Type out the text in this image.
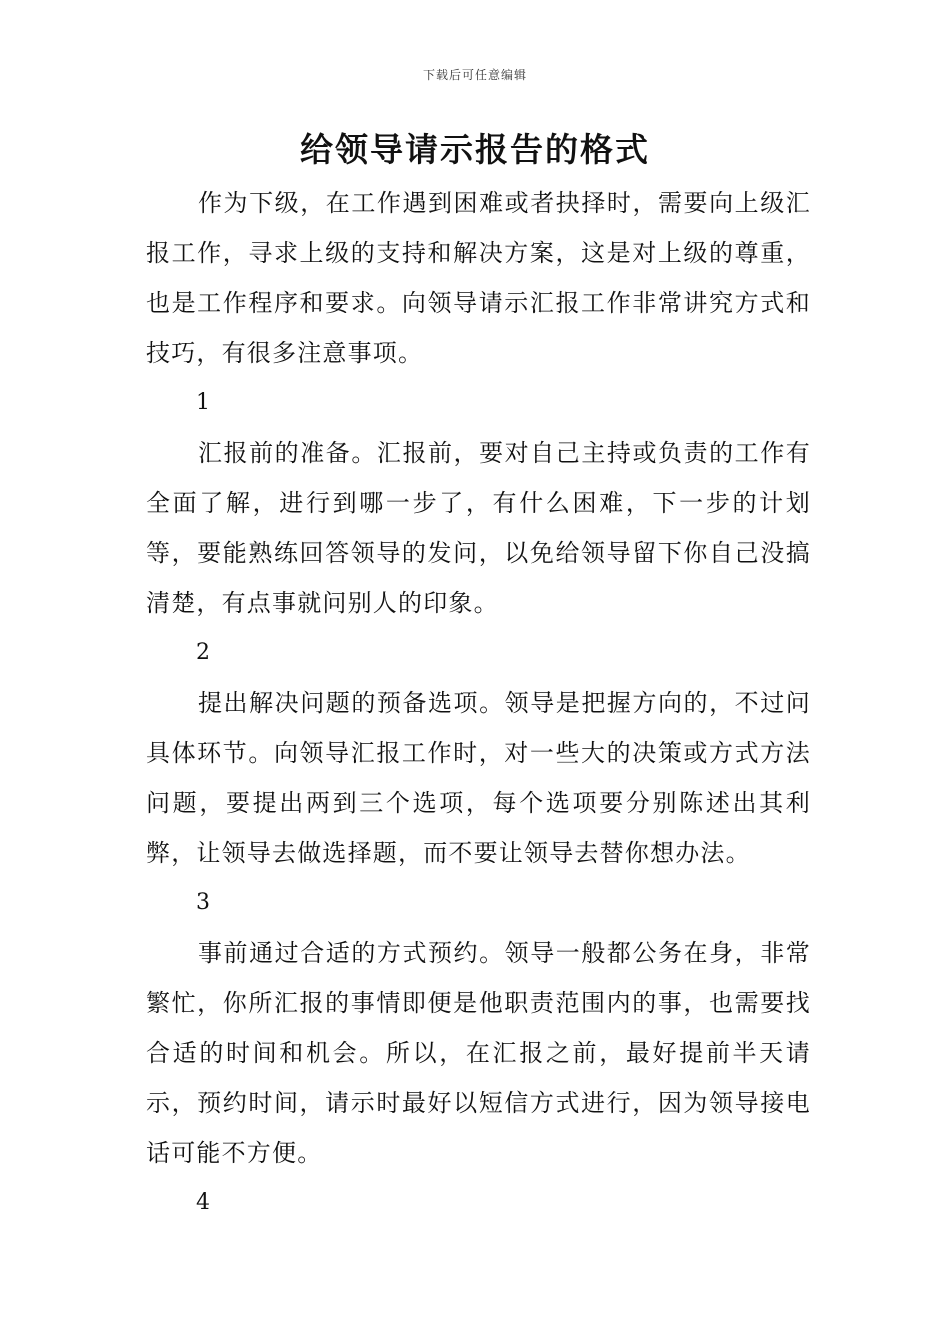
下载后可任意编辑
给领导请示报告的格式

作为下级，在工作遇到困难或者抉择时，需要向上级汇报工作，寻求上级的支持和解决方案，这是对上级的尊重，也是工作程序和要求。向领导请示汇报工作非常讲究方式和技巧，有很多注意事项。

1

汇报前的准备。汇报前，要对自己主持或负责的工作有全面了解，进行到哪一步了，有什么困难，下一步的计划等，要能熟练回答领导的发问，以免给领导留下你自己没搞清楚，有点事就问别人的印象。

2

提出解决问题的预备选项。领导是把握方向的，不过问具体环节。向领导汇报工作时，对一些大的决策或方式方法问题，要提出两到三个选项，每个选项要分别陈述出其利弊，让领导去做选择题，而不要让领导去替你想办法。

3

事前通过合适的方式预约。领导一般都公务在身，非常繁忙，你所汇报的事情即便是他职责范围内的事，也需要找合适的时间和机会。所以，在汇报之前，最好提前半天请示，预约时间，请示时最好以短信方式进行，因为领导接电话可能不方便。

4
